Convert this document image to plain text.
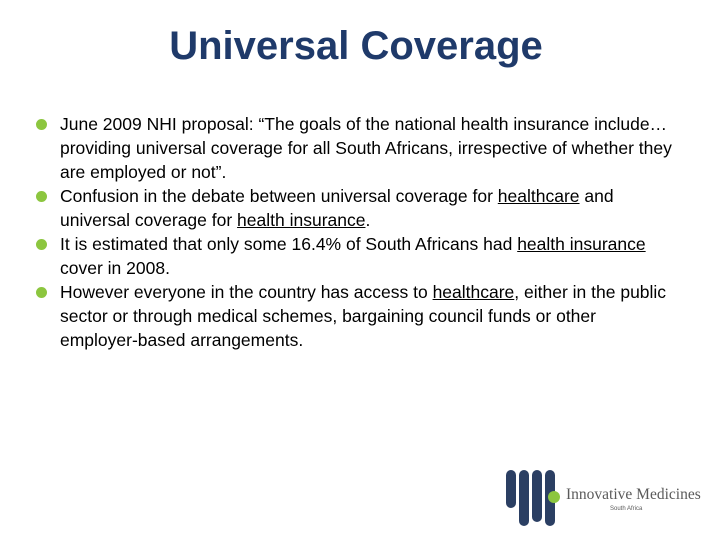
Universal Coverage
June 2009 NHI proposal: “The goals of the national health insurance include… providing universal coverage for all South Africans, irrespective of whether they are employed or not”.
Confusion in the debate between universal coverage for healthcare and universal coverage for health insurance.
It is estimated that only some 16.4% of South Africans had health insurance cover in 2008.
However everyone in the country has access to healthcare, either in the public sector or through medical schemes, bargaining council funds or other employer-based arrangements.
Innovative Medicines
South Africa
